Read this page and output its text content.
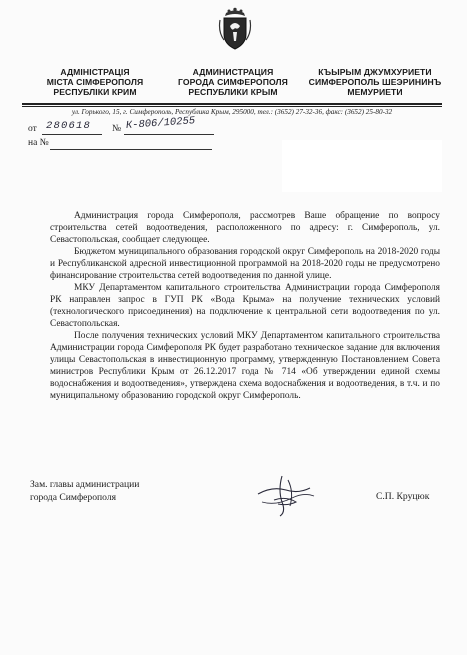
АДМІНІСТРАЦІЯ
МІСТА СІМФЕРОПОЛЯ
РЕСПУБЛІКИ КРИМ
АДМИНИСТРАЦИЯ
ГОРОДА СИМФЕРОПОЛЯ
РЕСПУБЛИКИ КРЫМ
КЪЫРЫМ ДЖУМХУРИЕТИ
СИМФЕРОПОЛЬ ШЕЭРИНИНЪ
МЕМУРИЕТИ
ул. Горького, 15, г. Симферополь, Республика Крым, 295000, тел.: (3652) 27-32-36, факс: (3652) 25-80-32
от 280618 № К-806/10255
на №

Администрация города Симферополя, рассмотрев Ваше обращение по вопросу строительства сетей водоотведения, расположенного по адресу: г. Симферополь, ул. Севастопольская, сообщает следующее.

Бюджетом муниципального образования городской округ Симферополь на 2018-2020 годы и Республиканской адресной инвестиционной программой на 2018-2020 годы не предусмотрено финансирование строительства сетей водоотведения по данной улице.

МКУ Департаментом капитального строительства Администрации города Симферополя РК направлен запрос в ГУП РК «Вода Крыма» на получение технических условий (технологического присоединения) на подключение к центральной сети водоотведения по ул. Севастопольская.

После получения технических условий МКУ Департаментом капитального строительства Администрации города Симферополя РК будет разработано техническое задание для включения улицы Севастопольская в инвестиционную программу, утвержденную Постановлением Совета министров Республики Крым от 26.12.2017 года № 714 «Об утверждении единой схемы водоснабжения и водоотведения», утверждена схема водоснабжения и водоотведения, в т.ч. и по муниципальному образованию городской округ Симферополь.

Зам. главы администрации
города Симферополя	С.П. Круцюк
